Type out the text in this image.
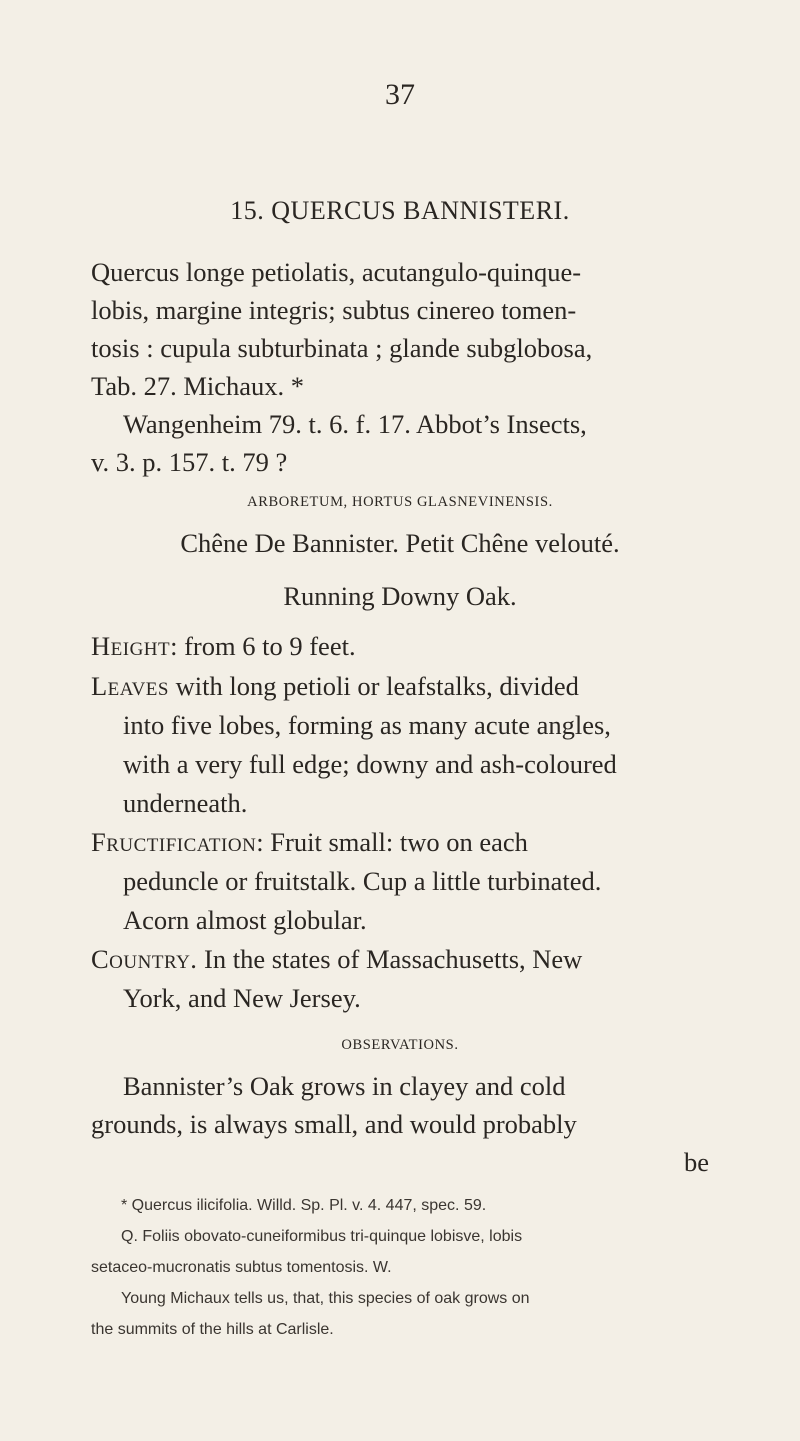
37
15. QUERCUS BANNISTERI.
Quercus longe petiolatis, acutangulo-quinque-
lobis, margine integris; subtus cinereo tomen-
tosis : cupula subturbinata ; glande subglobosa,
Tab. 27. Michaux. *
Wangenheim 79. t. 6. f. 17. Abbot’s Insects,
v. 3. p. 157. t. 79 ?
ARBORETUM, HORTUS GLASNEVINENSIS.
Chêne De Bannister. Petit Chêne velouté.
Running Downy Oak.
Height: from 6 to 9 feet.
Leaves with long petioli or leafstalks, divided
into five lobes, forming as many acute angles,
with a very full edge; downy and ash-coloured
underneath.
Fructification: Fruit small: two on each
peduncle or fruitstalk. Cup a little turbinated.
Acorn almost globular.
Country. In the states of Massachusetts, New
York, and New Jersey.
OBSERVATIONS.
Bannister’s Oak grows in clayey and cold
grounds, is always small, and would probably
be
* Quercus ilicifolia. Willd. Sp. Pl. v. 4. 447, spec. 59.
Q. Foliis obovato-cuneiformibus tri-quinque lobisve, lobis
setaceo-mucronatis subtus tomentosis. W.
Young Michaux tells us, that, this species of oak grows on
the summits of the hills at Carlisle.
